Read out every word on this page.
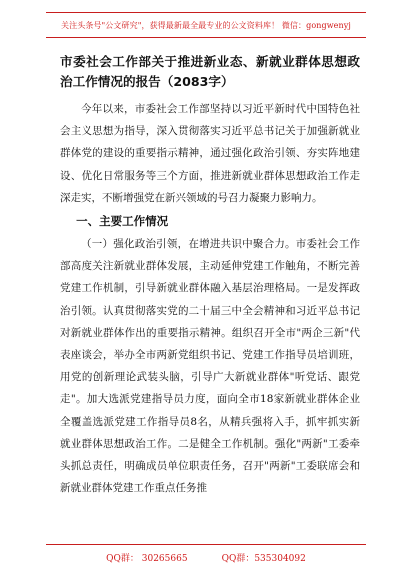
关注头条号"公文研究"，获得最新最全最专业的公文资料库！ 微信：gongwenyj
市委社会工作部关于推进新业态、新就业群体思想政治工作情况的报告（2083字）

今年以来，市委社会工作部坚持以习近平新时代中国特色社会主义思想为指导，深入贯彻落实习近平总书记关于加强新就业群体党的建设的重要指示精神，通过强化政治引领、夯实阵地建设、优化日常服务等三个方面，推进新就业群体思想政治工作走深走实，不断增强党在新兴领域的号召力凝聚力影响力。

一、主要工作情况

（一）强化政治引领，在增进共识中聚合力。市委社会工作部高度关注新就业群体发展，主动延伸党建工作触角，不断完善党建工作机制，引导新就业群体融入基层治理格局。一是发挥政治引领。认真贯彻落实党的二十届三中全会精神和习近平总书记对新就业群体作出的重要指示精神。组织召开全市"两企三新"代表座谈会，举办全市两新党组织书记、党建工作指导员培训班，用党的创新理论武装头脑，引导广大新就业群体"听党话、跟党走"。加大选派党建指导员力度，面向全市18家新就业群体企业全覆盖选派党建工作指导员8名，从精兵强将入手，抓牢抓实新就业群体思想政治工作。二是健全工作机制。强化"两新"工委牵头抓总责任，明确成员单位职责任务，召开"两新"工委联席会和新就业群体党建工作重点任务推

QQ群： 30265665	QQ群：535304092
